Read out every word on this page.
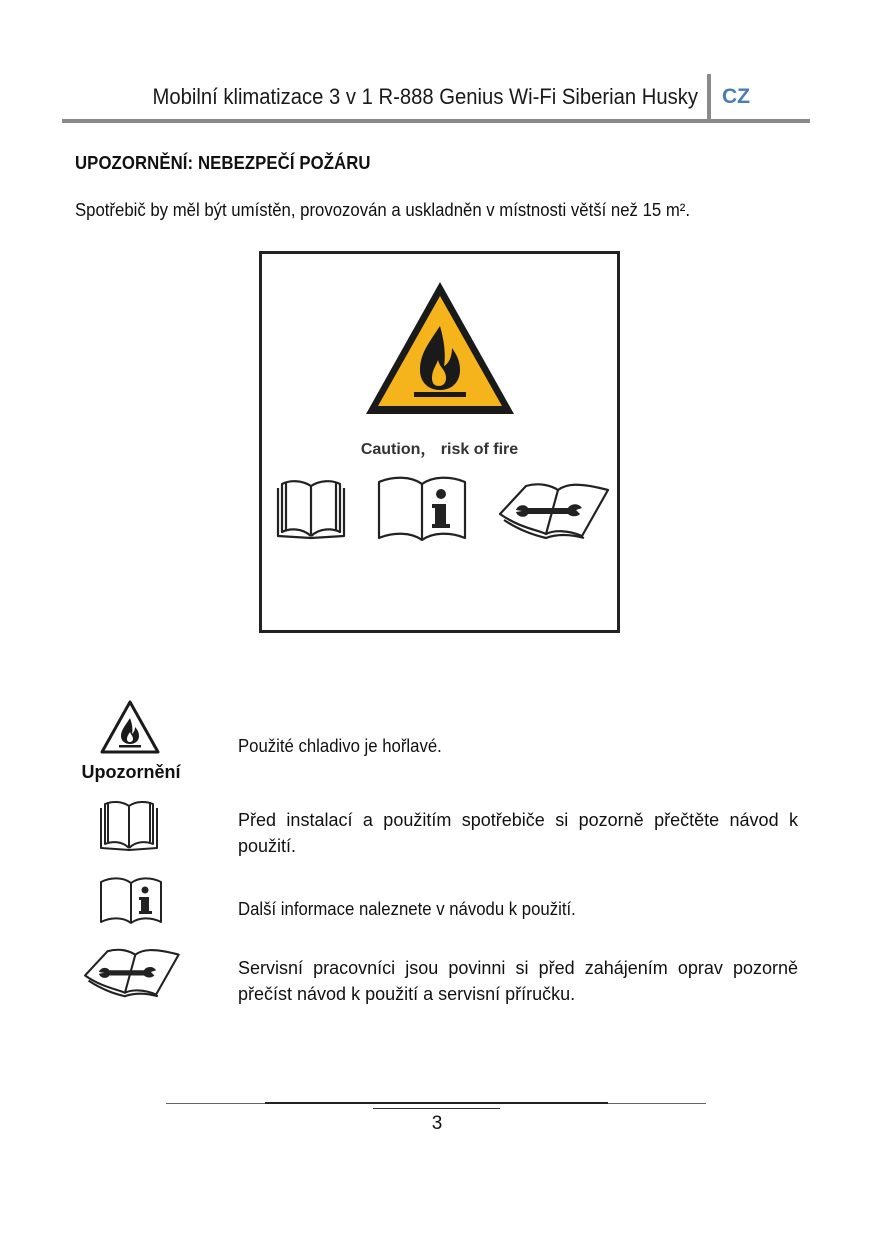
Mobilní klimatizace 3 v 1 R-888 Genius Wi-Fi Siberian Husky CZ
UPOZORNĚNÍ: NEBEZPEČÍ POŽÁRU
Spotřebič by měl být umístěn, provozován a uskladněn v místnosti větší než 15 m².
Caution， risk of fire
Upozornění
Použité chladivo je hořlavé.
Před instalací a použitím spotřebiče si pozorně přečtěte návod k použití.
Další informace naleznete v návodu k použití.
Servisní pracovníci jsou povinni si před zahájením oprav pozorně přečíst návod k použití a servisní příručku.
3
